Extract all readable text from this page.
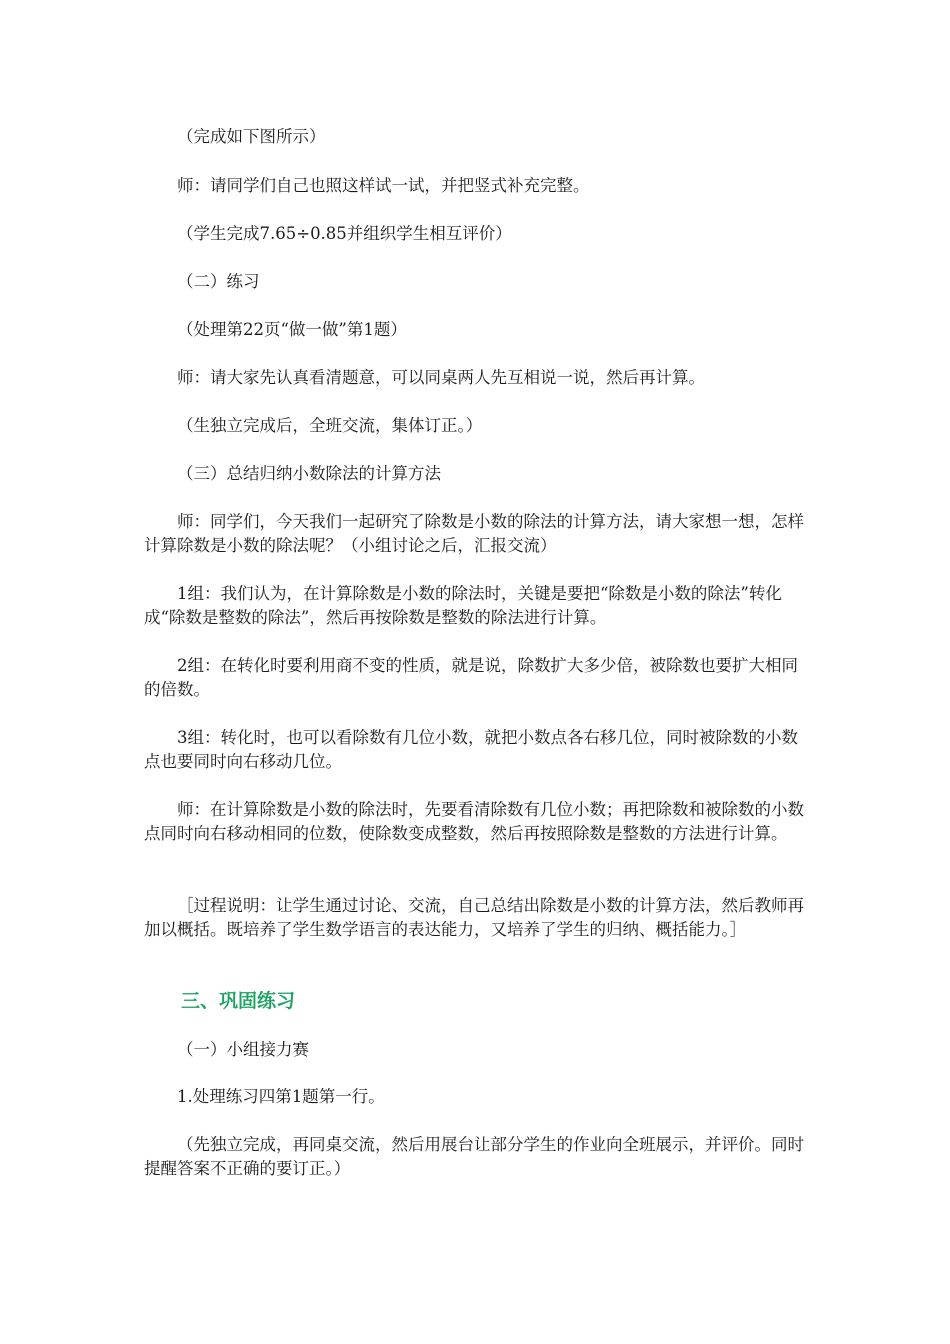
（完成如下图所示）

师：请同学们自己也照这样试一试，并把竖式补充完整。

（学生完成7.65÷0.85并组织学生相互评价）

（二）练习

（处理第22页“做一做”第1题）

师：请大家先认真看清题意，可以同桌两人先互相说一说，然后再计算。

（生独立完成后，全班交流，集体订正。）

（三）总结归纳小数除法的计算方法

师：同学们，今天我们一起研究了除数是小数的除法的计算方法，请大家想一想，怎样计算除数是小数的除法呢？（小组讨论之后，汇报交流）

1组：我们认为，在计算除数是小数的除法时，关键是要把“除数是小数的除法”转化成“除数是整数的除法”，然后再按除数是整数的除法进行计算。

2组：在转化时要利用商不变的性质，就是说，除数扩大多少倍，被除数也要扩大相同的倍数。

3组：转化时，也可以看除数有几位小数，就把小数点各右移几位，同时被除数的小数点也要同时向右移动几位。

师：在计算除数是小数的除法时，先要看清除数有几位小数；再把除数和被除数的小数点同时向右移动相同的位数，使除数变成整数，然后再按照除数是整数的方法进行计算。

［过程说明：让学生通过讨论、交流，自己总结出除数是小数的计算方法，然后教师再加以概括。既培养了学生数学语言的表达能力，又培养了学生的归纳、概括能力。］

三、巩固练习

（一）小组接力赛

1.处理练习四第1题第一行。

（先独立完成，再同桌交流，然后用展台让部分学生的作业向全班展示，并评价。同时提醒答案不正确的要订正。）
